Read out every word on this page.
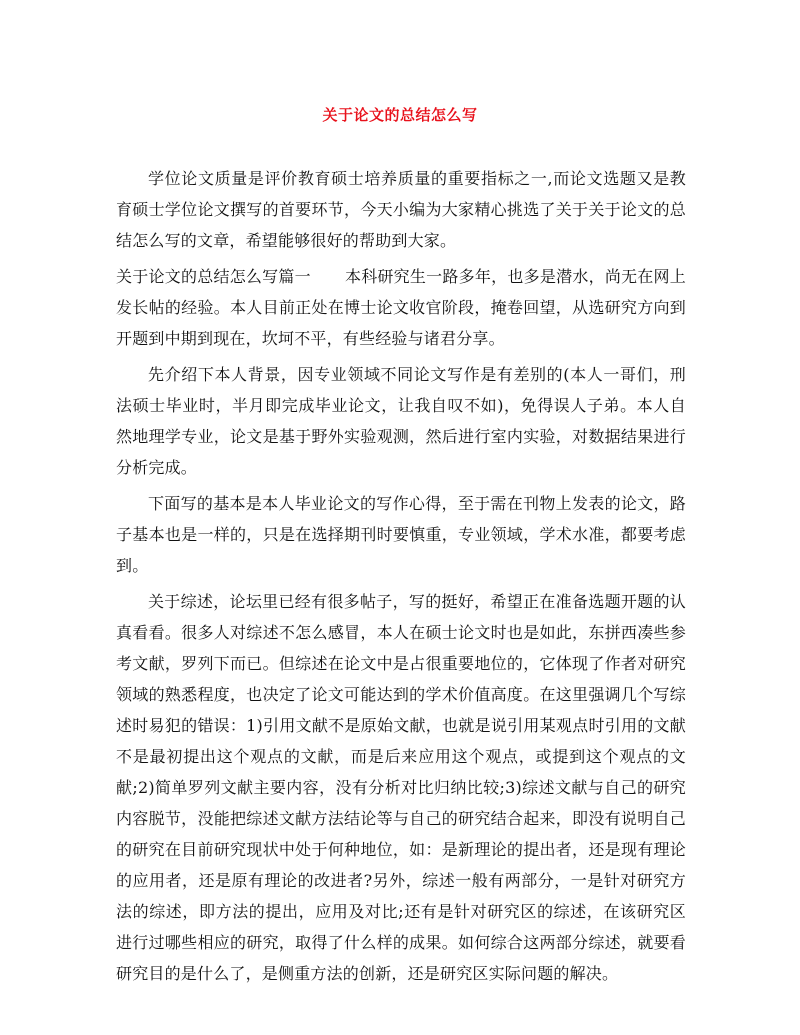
关于论文的总结怎么写

学位论文质量是评价教育硕士培养质量的重要指标之一,而论文选题又是教育硕士学位论文撰写的首要环节，今天小编为大家精心挑选了关于关于论文的总结怎么写的文章，希望能够很好的帮助到大家。

关于论文的总结怎么写篇一 本科研究生一路多年，也多是潜水，尚无在网上发长帖的经验。本人目前正处在博士论文收官阶段，掩卷回望，从选研究方向到开题到中期到现在，坎坷不平，有些经验与诸君分享。

先介绍下本人背景，因专业领域不同论文写作是有差别的(本人一哥们，刑法硕士毕业时，半月即完成毕业论文，让我自叹不如)，免得误人子弟。本人自然地理学专业，论文是基于野外实验观测，然后进行室内实验，对数据结果进行分析完成。

下面写的基本是本人毕业论文的写作心得，至于需在刊物上发表的论文，路子基本也是一样的，只是在选择期刊时要慎重，专业领域，学术水准，都要考虑到。

关于综述，论坛里已经有很多帖子，写的挺好，希望正在准备选题开题的认真看看。很多人对综述不怎么感冒，本人在硕士论文时也是如此，东拼西凑些参考文献，罗列下而已。但综述在论文中是占很重要地位的，它体现了作者对研究领域的熟悉程度，也决定了论文可能达到的学术价值高度。在这里强调几个写综述时易犯的错误：1)引用文献不是原始文献，也就是说引用某观点时引用的文献不是最初提出这个观点的文献，而是后来应用这个观点，或提到这个观点的文献;2)简单罗列文献主要内容，没有分析对比归纳比较;3)综述文献与自己的研究内容脱节，没能把综述文献方法结论等与自己的研究结合起来，即没有说明自己的研究在目前研究现状中处于何种地位，如：是新理论的提出者，还是现有理论的应用者，还是原有理论的改进者?另外，综述一般有两部分，一是针对研究方法的综述，即方法的提出，应用及对比;还有是针对研究区的综述，在该研究区进行过哪些相应的研究，取得了什么样的成果。如何综合这两部分综述，就要看研究目的是什么了，是侧重方法的创新，还是研究区实际问题的解决。
